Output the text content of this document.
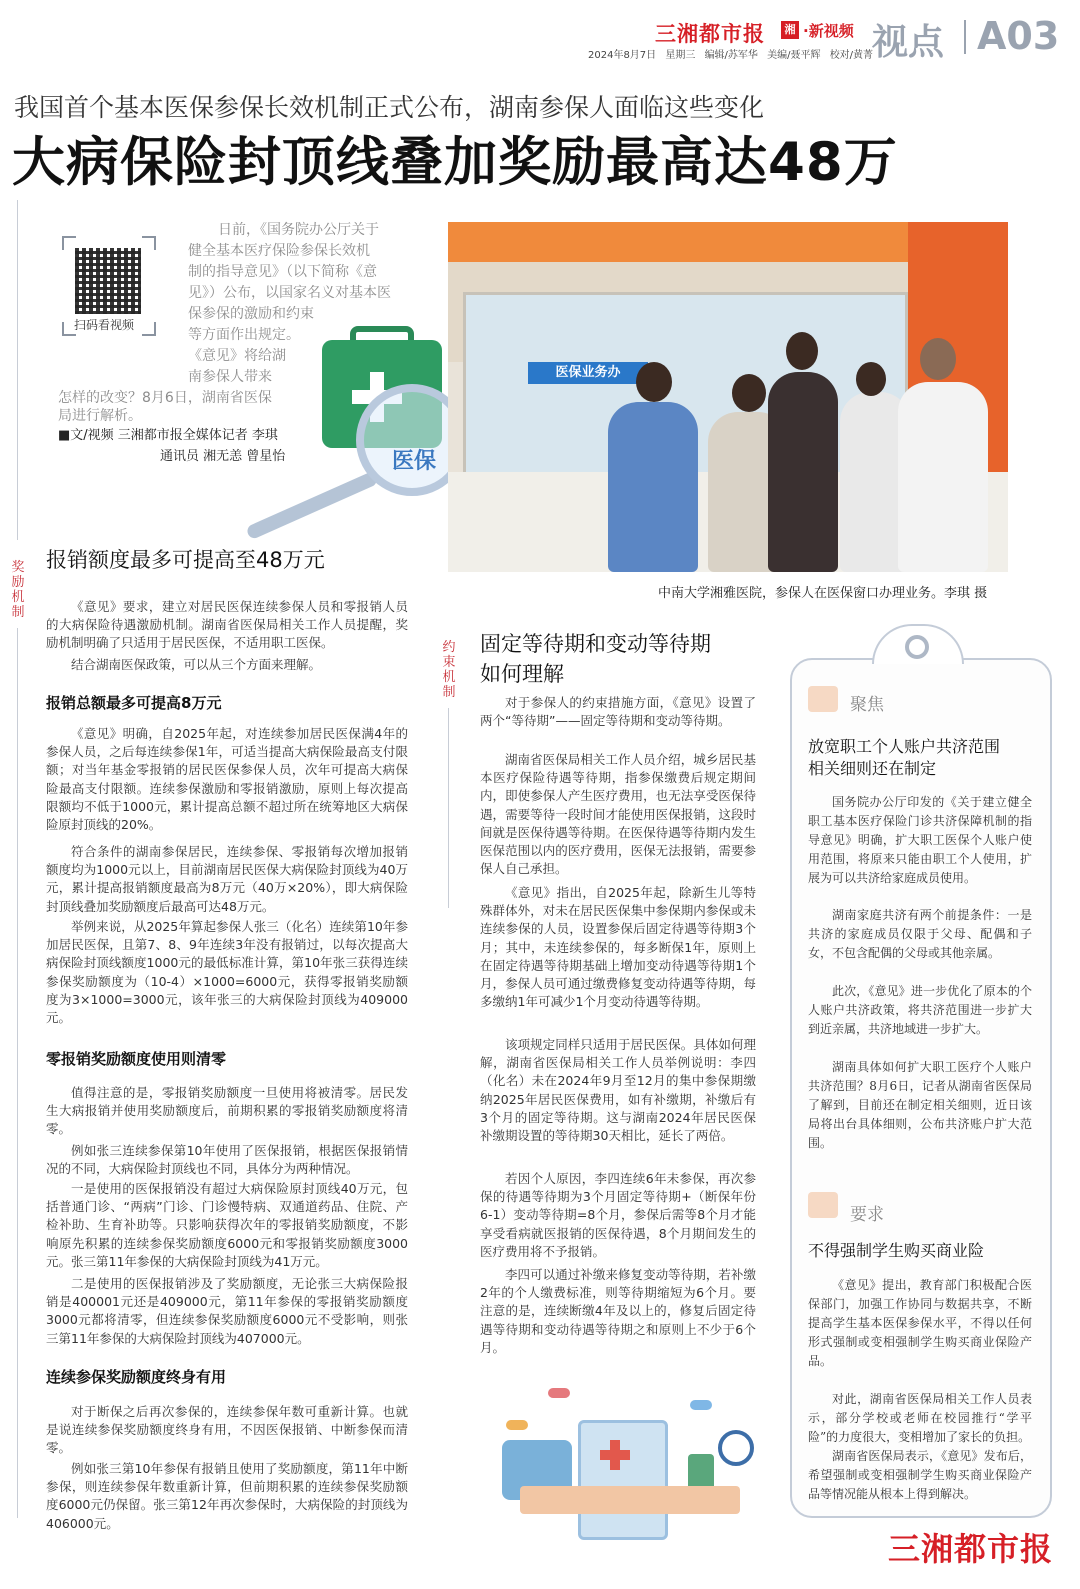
三湘都市报	湘 ·新视频
2024年8月7日 星期三 编辑/苏军华 美编/聂平辉 校对/黄菁
视点 A03
我国首个基本医保参保长效机制正式公布，湖南参保人面临这些变化
大病保险封顶线叠加奖励最高达48万
扫码看视频
日前，《国务院办公厅关于
健全基本医疗保险参保长效机
制的指导意见》（以下简称《意
见》）公布，以国家名义对基本医
保参保的激励和约束
等方面作出规定。
《意见》将给湖
南参保人带来
怎样的改变？8月6日，湖南省医保
局进行解析。
■文/视频 三湘都市报全媒体记者 李琪
通讯员 湘无恙 曾星怡	医保
医保业务办
中南大学湘雅医院，参保人在医保窗口办理业务。李琪 摄
奖励机制
报销额度最多可提高至48万元
《意见》要求，建立对居民医保连续参保人员和零报销人员的大病保险待遇激励机制。湖南省医保局相关工作人员提醒，奖励机制明确了只适用于居民医保，不适用职工医保。
结合湖南医保政策，可以从三个方面来理解。
报销总额最多可提高8万元
《意见》明确，自2025年起，对连续参加居民医保满4年的参保人员，之后每连续参保1年，可适当提高大病保险最高支付限额；对当年基金零报销的居民医保参保人员，次年可提高大病保险最高支付限额。连续参保激励和零报销激励，原则上每次提高限额均不低于1000元，累计提高总额不超过所在统筹地区大病保险原封顶线的20%。
符合条件的湖南参保居民，连续参保、零报销每次增加报销额度均为1000元以上，目前湖南居民医保大病保险封顶线为40万元，累计提高报销额度最高为8万元（40万×20%），即大病保险封顶线叠加奖励额度后最高可达48万元。
举例来说，从2025年算起参保人张三（化名）连续第10年参加居民医保，且第7、8、9年连续3年没有报销过，以每次提高大病保险封顶线额度1000元的最低标准计算，第10年张三获得连续参保奖励额度为（10-4）×1000=6000元，获得零报销奖励额度为3×1000=3000元，该年张三的大病保险封顶线为409000元。
零报销奖励额度使用则清零
值得注意的是，零报销奖励额度一旦使用将被清零。居民发生大病报销并使用奖励额度后，前期积累的零报销奖励额度将清零。
例如张三连续参保第10年使用了医保报销，根据医保报销情况的不同，大病保险封顶线也不同，具体分为两种情况。
一是使用的医保报销没有超过大病保险原封顶线40万元，包括普通门诊、“两病”门诊、门诊慢特病、双通道药品、住院、产检补助、生育补助等。只影响获得次年的零报销奖励额度，不影响原先积累的连续参保奖励额度6000元和零报销奖励额度3000元。张三第11年参保的大病保险封顶线为41万元。
二是使用的医保报销涉及了奖励额度，无论张三大病保险报销是400001元还是409000元，第11年参保的零报销奖励额度3000元都将清零，但连续参保奖励额度6000元不受影响，则张三第11年参保的大病保险封顶线为407000元。
连续参保奖励额度终身有用
对于断保之后再次参保的，连续参保年数可重新计算。也就是说连续参保奖励额度终身有用，不因医保报销、中断参保而清零。
例如张三第10年参保有报销且使用了奖励额度，第11年中断参保，则连续参保年数重新计算，但前期积累的连续参保奖励额度6000元仍保留。张三第12年再次参保时，大病保险的封顶线为406000元。
约束机制
固定等待期和变动等待期
如何理解
对于参保人的约束措施方面，《意见》设置了两个“等待期”——固定等待期和变动等待期。
湖南省医保局相关工作人员介绍，城乡居民基本医疗保险待遇等待期，指参保缴费后规定期间内，即使参保人产生医疗费用，也无法享受医保待遇，需要等待一段时间才能使用医保报销，这段时间就是医保待遇等待期。在医保待遇等待期内发生医保范围以内的医疗费用，医保无法报销，需要参保人自己承担。
《意见》指出，自2025年起，除新生儿等特殊群体外，对未在居民医保集中参保期内参保或未连续参保的人员，设置参保后固定待遇等待期3个月；其中，未连续参保的，每多断保1年，原则上在固定待遇等待期基础上增加变动待遇等待期1个月，参保人员可通过缴费修复变动待遇等待期，每多缴纳1年可减少1个月变动待遇等待期。
该项规定同样只适用于居民医保。具体如何理解，湖南省医保局相关工作人员举例说明：李四（化名）未在2024年9月至12月的集中参保期缴纳2025年居民医保费用，如有补缴期，补缴后有3个月的固定等待期。这与湖南2024年居民医保补缴期设置的等待期30天相比，延长了两倍。
若因个人原因，李四连续6年未参保，再次参保的待遇等待期为3个月固定等待期+（断保年份6-1）变动等待期=8个月，参保后需等8个月才能享受看病就医报销的医保待遇，8个月期间发生的医疗费用将不予报销。
李四可以通过补缴来修复变动等待期，若补缴2年的个人缴费标准，则等待期缩短为6个月。要注意的是，连续断缴4年及以上的，修复后固定待遇等待期和变动待遇等待期之和原则上不少于6个月。
聚焦
放宽职工个人账户共济范围
相关细则还在制定
国务院办公厅印发的《关于建立健全职工基本医疗保险门诊共济保障机制的指导意见》明确，扩大职工医保个人账户使用范围，将原来只能由职工个人使用，扩展为可以共济给家庭成员使用。
湖南家庭共济有两个前提条件：一是共济的家庭成员仅限于父母、配偶和子女，不包含配偶的父母或其他亲属。
此次，《意见》进一步优化了原本的个人账户共济政策，将共济范围进一步扩大到近亲属，共济地域进一步扩大。
湖南具体如何扩大职工医疗个人账户共济范围？8月6日，记者从湖南省医保局了解到，目前还在制定相关细则，近日该局将出台具体细则，公布共济账户扩大范围。
要求
不得强制学生购买商业险
《意见》提出，教育部门积极配合医保部门，加强工作协同与数据共享，不断提高学生基本医保参保水平，不得以任何形式强制或变相强制学生购买商业保险产品。
对此，湖南省医保局相关工作人员表示，部分学校或老师在校园推行“学平险”的力度很大，变相增加了家长的负担。
湖南省医保局表示，《意见》发布后，希望强制或变相强制学生购买商业保险产品等情况能从根本上得到解决。
三湘都市报
